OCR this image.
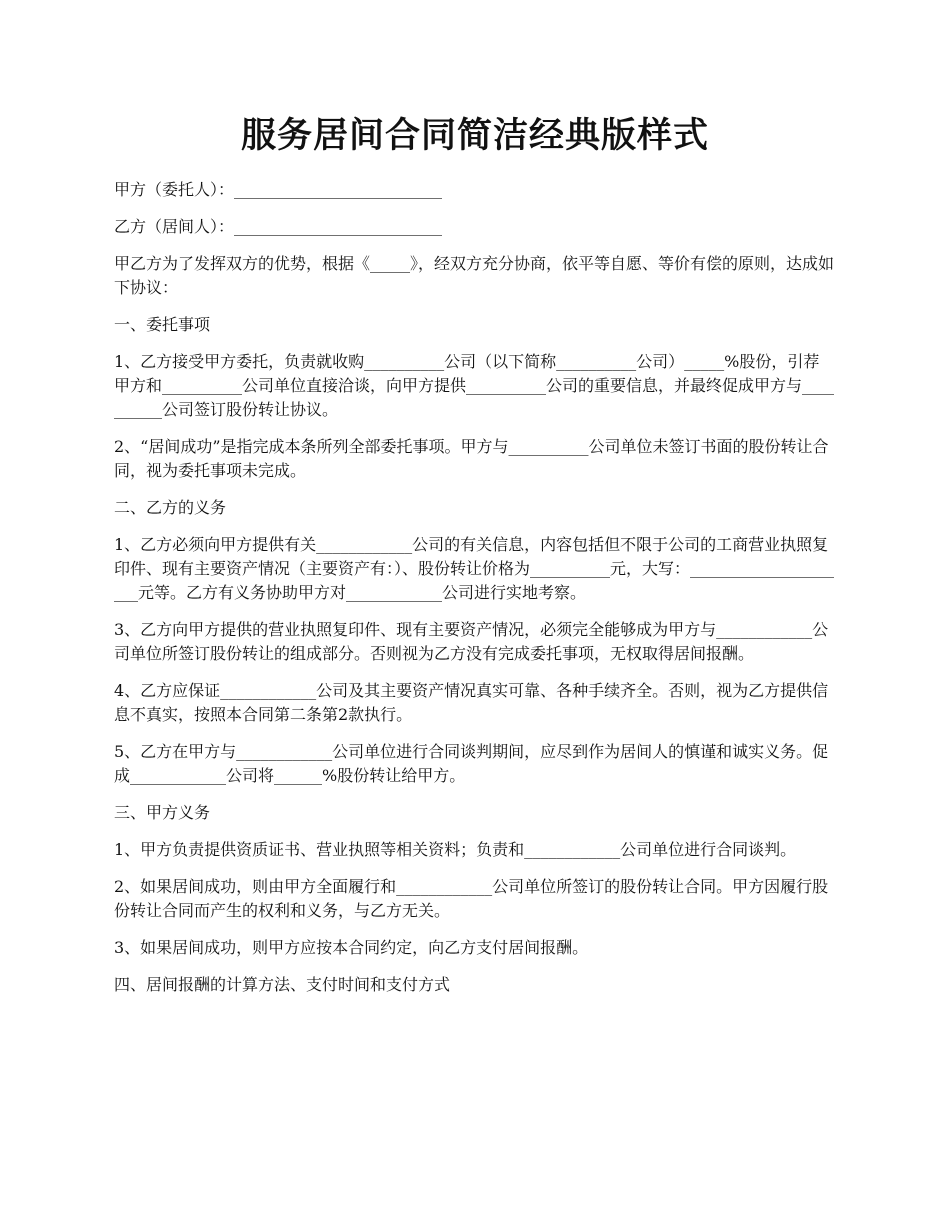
服务居间合同简洁经典版样式

甲方（委托人）：__________________________

乙方（居间人）：__________________________

甲乙方为了发挥双方的优势，根据《_____》，经双方充分协商，依平等自愿、等价有偿的原则，达成如下协议：

一、委托事项

1、乙方接受甲方委托，负责就收购__________公司（以下简称__________公司）_____%股份，引荐甲方和__________公司单位直接洽谈，向甲方提供__________公司的重要信息，并最终促成甲方与__________公司签订股份转让协议。

2、“居间成功”是指完成本条所列全部委托事项。甲方与__________公司单位未签订书面的股份转让合同，视为委托事项未完成。

二、乙方的义务

1、乙方必须向甲方提供有关____________公司的有关信息，内容包括但不限于公司的工商营业执照复印件、现有主要资产情况（主要资产有：）、股份转让价格为__________元，大写：_____________________元等。乙方有义务协助甲方对____________公司进行实地考察。

3、乙方向甲方提供的营业执照复印件、现有主要资产情况，必须完全能够成为甲方与____________公司单位所签订股份转让的组成部分。否则视为乙方没有完成委托事项，无权取得居间报酬。

4、乙方应保证____________公司及其主要资产情况真实可靠、各种手续齐全。否则，视为乙方提供信息不真实，按照本合同第二条第2款执行。

5、乙方在甲方与____________公司单位进行合同谈判期间，应尽到作为居间人的慎谨和诚实义务。促成____________公司将______%股份转让给甲方。

三、甲方义务

1、甲方负责提供资质证书、营业执照等相关资料；负责和____________公司单位进行合同谈判。

2、如果居间成功，则由甲方全面履行和____________公司单位所签订的股份转让合同。甲方因履行股份转让合同而产生的权利和义务，与乙方无关。

3、如果居间成功，则甲方应按本合同约定，向乙方支付居间报酬。

四、居间报酬的计算方法、支付时间和支付方式
